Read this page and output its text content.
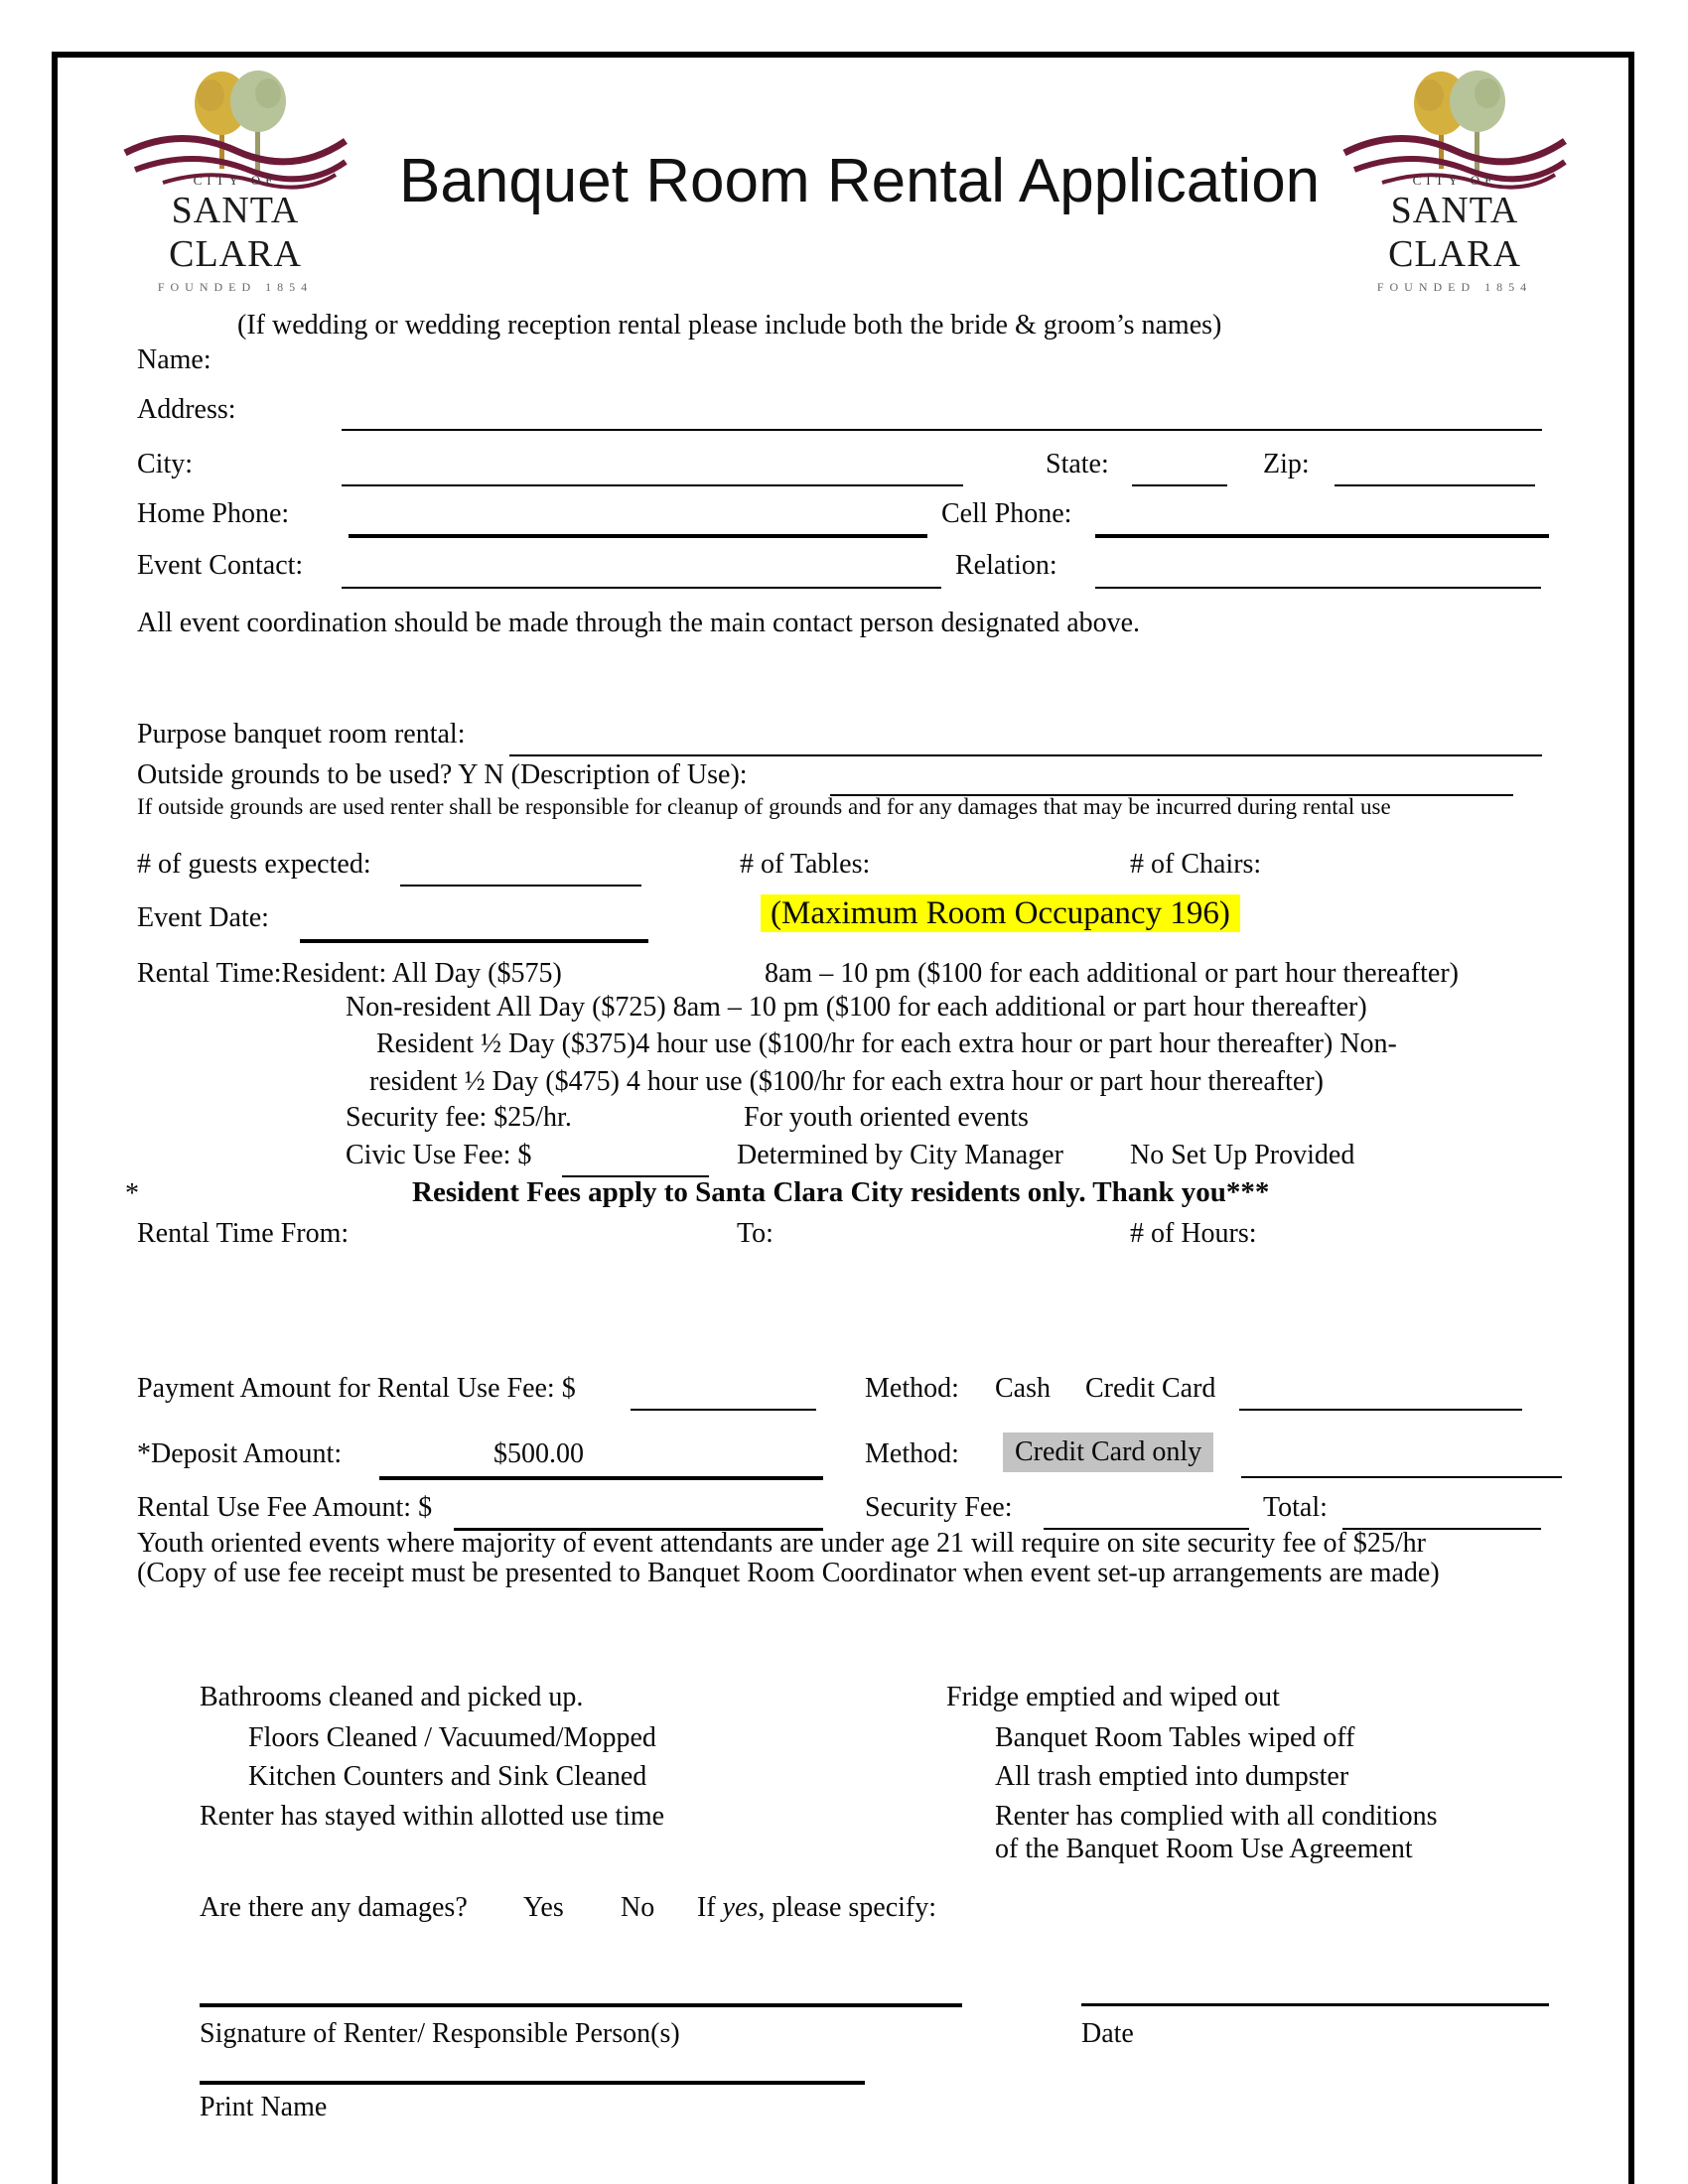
CITY OF
SANTA CLARA
FOUNDED 1854
Banquet Room Rental Application	CITY OF
SANTA CLARA
FOUNDED 1854
(If wedding or wedding reception rental please include both the bride & groom’s names)
Name:
Address:
City:	State:	Zip:
Home Phone:	Cell Phone:
Event Contact:	Relation:
All event coordination should be made through the main contact person designated above.
Purpose banquet room rental:
Outside grounds to be used? Y N (Description of Use):
If outside grounds are used renter shall be responsible for cleanup of grounds and for any damages that may be incurred during rental use
# of guests expected:	# of Tables:	# of Chairs:
Event Date:	(Maximum Room Occupancy 196)
Rental Time:Resident: All Day ($575)	8am – 10 pm ($100 for each additional or part hour thereafter)
Non-resident All Day ($725) 8am – 10 pm ($100 for each additional or part hour thereafter)
Resident ½ Day ($375)4 hour use ($100/hr for each extra hour or part hour thereafter) Non-
resident ½ Day ($475) 4 hour use ($100/hr for each extra hour or part hour thereafter)
Security fee: $25/hr.	For youth oriented events
Civic Use Fee: $	Determined by City Manager No Set Up Provided
*	Resident Fees apply to Santa Clara City residents only. Thank you***
Rental Time From:	To:	# of Hours:
Payment Amount for Rental Use Fee: $	Method: Cash Credit Card
*Deposit Amount:	$500.00	Method:	Credit Card only
Rental Use Fee Amount: $	Security Fee:	Total:
Youth oriented events where majority of event attendants are under age 21 will require on site security fee of $25/hr
(Copy of use fee receipt must be presented to Banquet Room Coordinator when event set-up arrangements are made)
Bathrooms cleaned and picked up.
Floors Cleaned / Vacuumed/Mopped
Kitchen Counters and Sink Cleaned
Renter has stayed within allotted use time
Fridge emptied and wiped out
Banquet Room Tables wiped off
All trash emptied into dumpster
Renter has complied with all conditions
of the Banquet Room Use Agreement
Are there any damages? Yes No If yes, please specify:
Signature of Renter/ Responsible Person(s)	Date
Print Name
